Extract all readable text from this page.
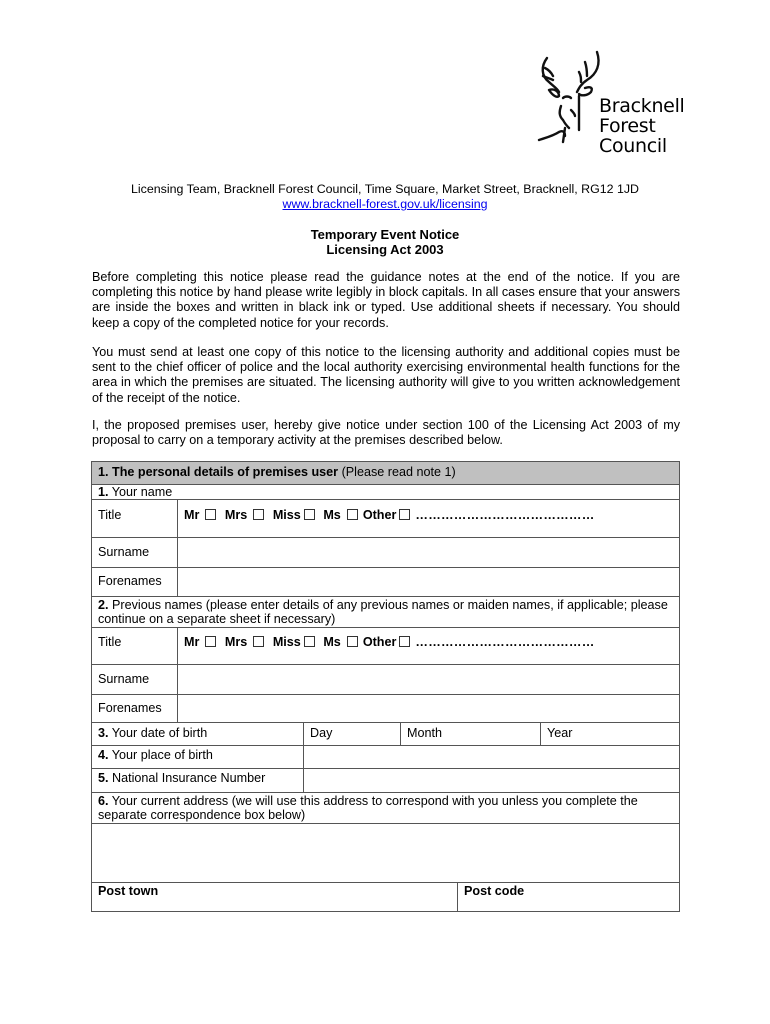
Bracknell
Forest
Council
Licensing Team, Bracknell Forest Council, Time Square, Market Street, Bracknell, RG12 1JD
www.bracknell-forest.gov.uk/licensing
Temporary Event Notice
Licensing Act 2003
Before completing this notice please read the guidance notes at the end of the notice. If you are completing this notice by hand please write legibly in block capitals. In all cases ensure that your answers are inside the boxes and written in black ink or typed. Use additional sheets if necessary. You should keep a copy of the completed notice for your records.
You must send at least one copy of this notice to the licensing authority and additional copies must be sent to the chief officer of police and the local authority exercising environmental health functions for the area in which the premises are situated. The licensing authority will give to you written acknowledgement of the receipt of the notice.
I, the proposed premises user, hereby give notice under section 100 of the Licensing Act 2003 of my proposal to carry on a temporary activity at the premises described below.
1. The personal details of premises user (Please read note 1)
1. Your name
Title	Mr Mrs Miss Ms Other ……………………………………
Surname
Forenames
2. Previous names (please enter details of any previous names or maiden names, if applicable; please continue on a separate sheet if necessary)
Title	Mr Mrs Miss Ms Other ……………………………………
Surname
Forenames
3. Your date of birth	Day	Month	Year
4. Your place of birth
5. National Insurance Number
6. Your current address (we will use this address to correspond with you unless you complete the separate correspondence box below)
Post town	Post code
